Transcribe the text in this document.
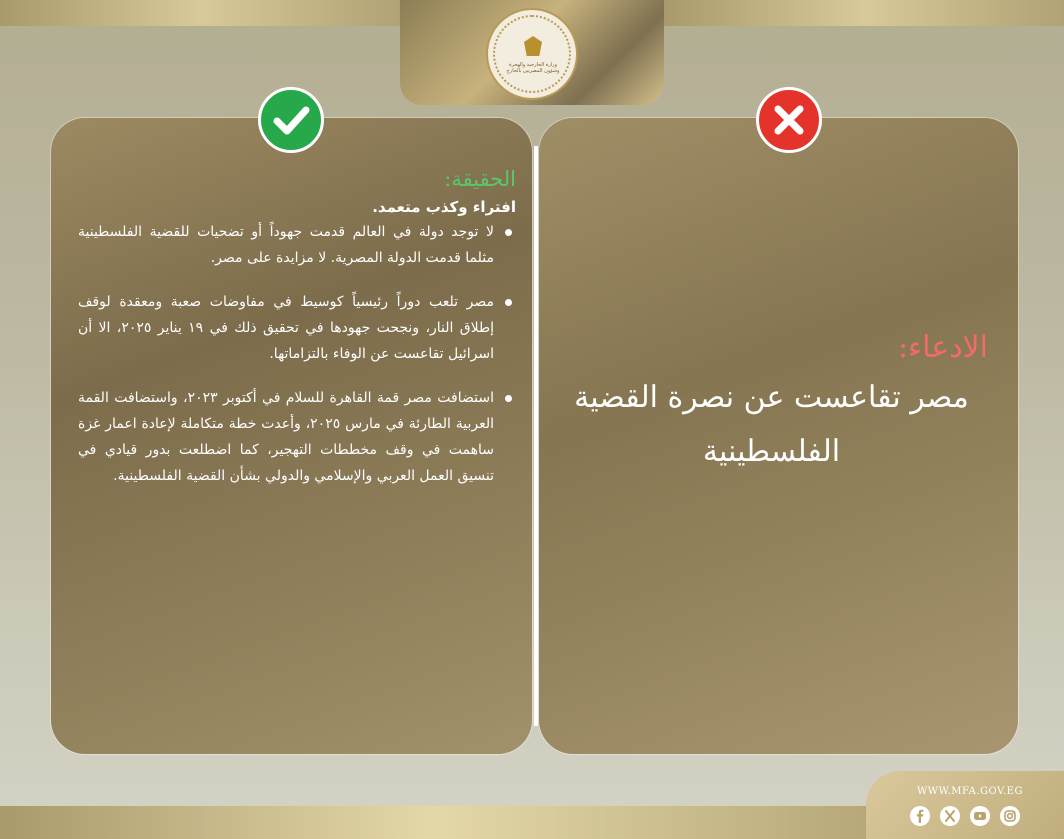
وزارة الخارجية والهجرة وشؤون المصريين بالخارج

الحقيقة:

افتراء وكذب متعمد.

لا توجد دولة في العالم قدمت جهوداً أو تضحيات للقضية الفلسطينية مثلما قدمت الدولة المصرية. لا مزايدة على مصر.
مصر تلعب دوراً رئيسياً كوسيط في مفاوضات صعبة ومعقدة لوقف إطلاق النار، ونجحت جهودها في تحقيق ذلك في ١٩ يناير ٢٠٢٥، الا أن اسرائيل تقاعست عن الوفاء بالتزاماتها.
استضافت مصر قمة القاهرة للسلام في أكتوبر ٢٠٢٣، واستضافت القمة العربية الطارئة في مارس ٢٠٢٥، وأعدت خطة متكاملة لإعادة اعمار غزة ساهمت في وقف مخططات التهجير، كما اضطلعت بدور قيادي في تنسيق العمل العربي والإسلامي والدولي بشأن القضية الفلسطينية.

الادعاء:

مصر تقاعست عن نصرة القضية الفلسطينية

WWW.MFA.GOV.EG
